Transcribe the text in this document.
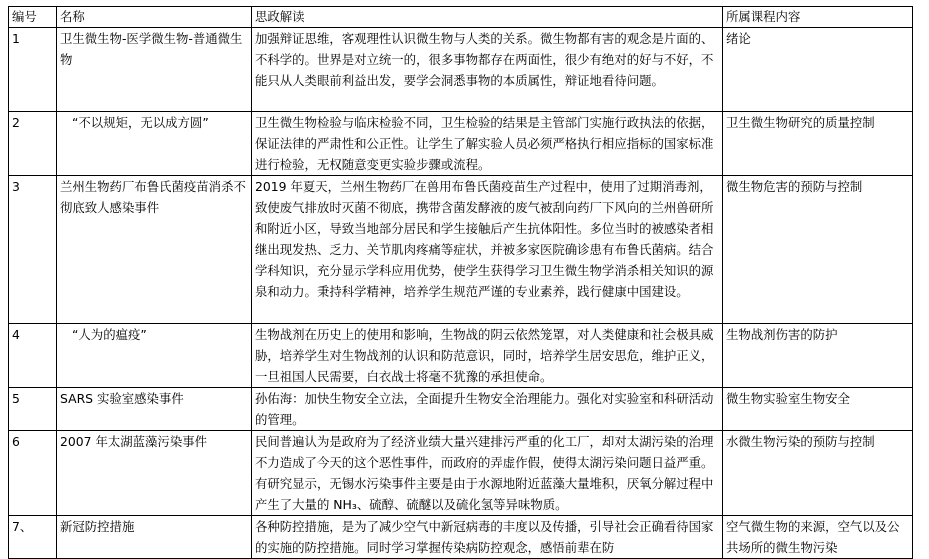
编号	名称	思政解读	所属课程内容
1	卫生微生物-医学微生物-普通微生物	加强辩证思维，客观理性认识微生物与人类的关系。微生物都有害的观念是片面的、不科学的。世界是对立统一的，很多事物都存在两面性，很少有绝对的好与不好，不能只从人类眼前利益出发，要学会洞悉事物的本质属性，辩证地看待问题。	绪论
2	“不以规矩，无以成方圆”	卫生微生物检验与临床检验不同，卫生检验的结果是主管部门实施行政执法的依据，保证法律的严肃性和公正性。让学生了解实验人员必须严格执行相应指标的国家标准进行检验，无权随意变更实验步骤或流程。	卫生微生物研究的质量控制
3	兰州生物药厂布鲁氏菌疫苗消杀不彻底致人感染事件	2019 年夏天，兰州生物药厂在兽用布鲁氏菌疫苗生产过程中，使用了过期消毒剂，致使废气排放时灭菌不彻底，携带含菌发酵液的废气被刮向药厂下风向的兰州兽研所和附近小区，导致当地部分居民和学生接触后产生抗体阳性。多位当时的被感染者相继出现发热、乏力、关节肌肉疼痛等症状，并被多家医院确诊患有布鲁氏菌病。结合学科知识，充分显示学科应用优势，使学生获得学习卫生微生物学消杀相关知识的源泉和动力。秉持科学精神，培养学生规范严谨的专业素养，践行健康中国建设。	微生物危害的预防与控制
4	“人为的瘟疫”	生物战剂在历史上的使用和影响，生物战的阴云依然笼罩，对人类健康和社会极具威胁，培养学生对生物战剂的认识和防范意识，同时，培养学生居安思危，维护正义，一旦祖国人民需要，白衣战士将毫不犹豫的承担使命。	生物战剂伤害的防护
5	SARS 实验室感染事件	孙佑海：加快生物安全立法，全面提升生物安全治理能力。强化对实验室和科研活动的管理。	微生物实验室生物安全
6	2007 年太湖蓝藻污染事件	民间普遍认为是政府为了经济业绩大量兴建排污严重的化工厂，却对太湖污染的治理不力造成了今天的这个恶性事件，而政府的弄虚作假，使得太湖污染问题日益严重。有研究显示，无锡水污染事件主要是由于水源地附近蓝藻大量堆积，厌氧分解过程中产生了大量的 NH₃、硫醇、硫醚以及硫化氢等异味物质。	水微生物污染的预防与控制
7、	新冠防控措施	各种防控措施，是为了减少空气中新冠病毒的丰度以及传播，引导社会正确看待国家的实施的防控措施。同时学习掌握传染病防控观念，感悟前辈在防	空气微生物的来源，空气以及公共场所的微生物污染
